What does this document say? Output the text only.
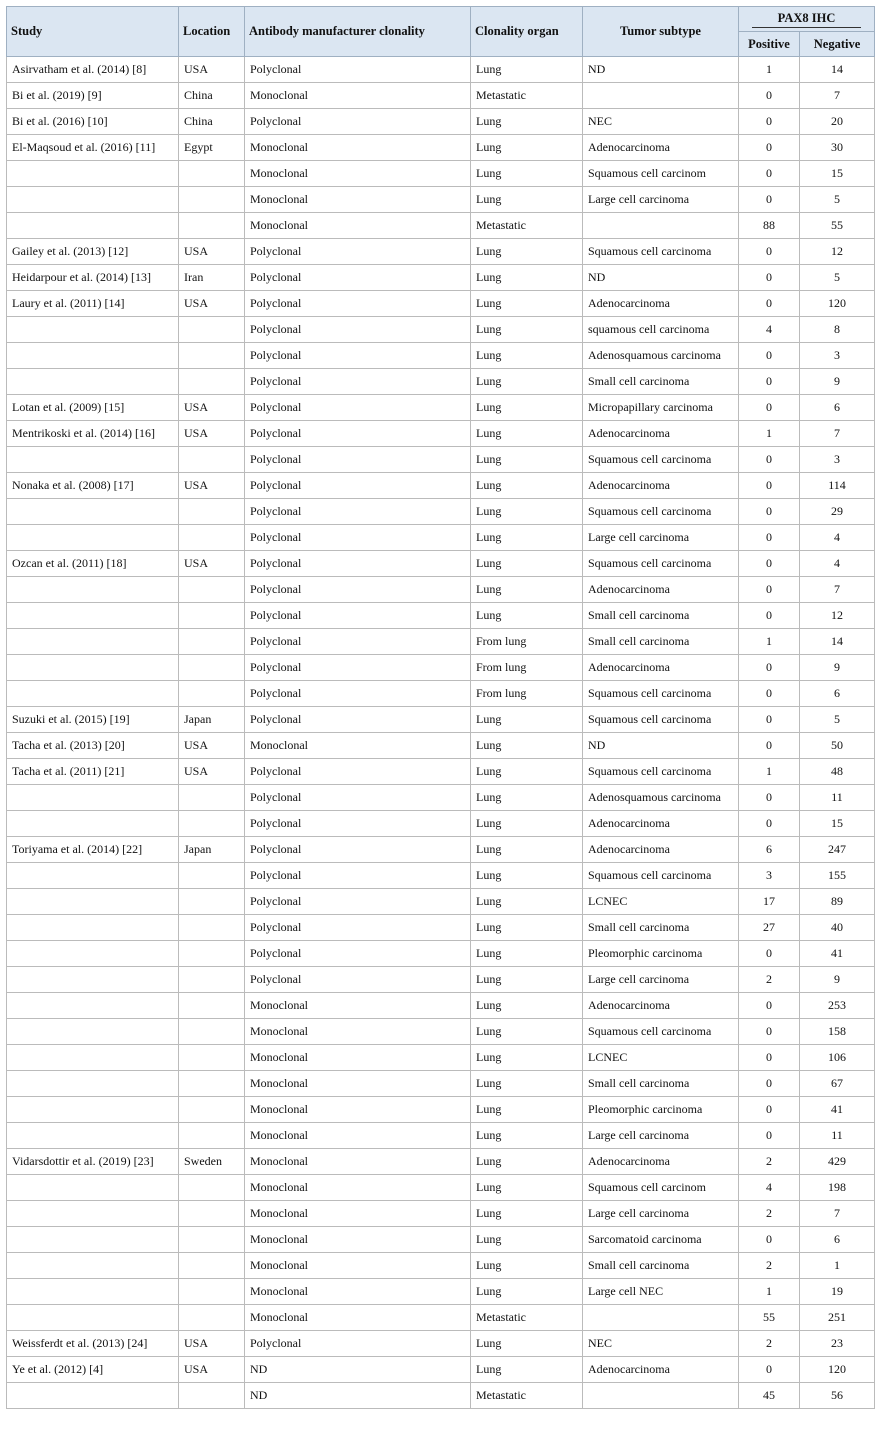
Study	Location	Antibody manufacturer clonality	Clonality organ	Tumor subtype	PAX8 IHC	
					Positive	Negative
Asirvatham et al. (2014) [8]	USA	Polyclonal	Lung	ND	1	14
Bi et al. (2019) [9]	China	Monoclonal	Metastatic		0	7
Bi et al. (2016) [10]	China	Polyclonal	Lung	NEC	0	20
El-Maqsoud et al. (2016) [11]	Egypt	Monoclonal	Lung	Adenocarcinoma	0	30
		Monoclonal	Lung	Squamous cell carcinom	0	15
		Monoclonal	Lung	Large cell carcinoma	0	5
		Monoclonal	Metastatic		88	55
Gailey et al. (2013) [12]	USA	Polyclonal	Lung	Squamous cell carcinoma	0	12
Heidarpour et al. (2014) [13]	Iran	Polyclonal	Lung	ND	0	5
Laury et al. (2011) [14]	USA	Polyclonal	Lung	Adenocarcinoma	0	120
		Polyclonal	Lung	squamous cell carcinoma	4	8
		Polyclonal	Lung	Adenosquamous carcinoma	0	3
		Polyclonal	Lung	Small cell carcinoma	0	9
Lotan et al. (2009) [15]	USA	Polyclonal	Lung	Micropapillary carcinoma	0	6
Mentrikoski et al. (2014) [16]	USA	Polyclonal	Lung	Adenocarcinoma	1	7
		Polyclonal	Lung	Squamous cell carcinoma	0	3
Nonaka et al. (2008) [17]	USA	Polyclonal	Lung	Adenocarcinoma	0	114
		Polyclonal	Lung	Squamous cell carcinoma	0	29
		Polyclonal	Lung	Large cell carcinoma	0	4
Ozcan et al. (2011) [18]	USA	Polyclonal	Lung	Squamous cell carcinoma	0	4
		Polyclonal	Lung	Adenocarcinoma	0	7
		Polyclonal	Lung	Small cell carcinoma	0	12
		Polyclonal	From lung	Small cell carcinoma	1	14
		Polyclonal	From lung	Adenocarcinoma	0	9
		Polyclonal	From lung	Squamous cell carcinoma	0	6
Suzuki et al. (2015) [19]	Japan	Polyclonal	Lung	Squamous cell carcinoma	0	5
Tacha et al. (2013) [20]	USA	Monoclonal	Lung	ND	0	50
Tacha et al. (2011) [21]	USA	Polyclonal	Lung	Squamous cell carcinoma	1	48
		Polyclonal	Lung	Adenosquamous carcinoma	0	11
		Polyclonal	Lung	Adenocarcinoma	0	15
Toriyama et al. (2014) [22]	Japan	Polyclonal	Lung	Adenocarcinoma	6	247
		Polyclonal	Lung	Squamous cell carcinoma	3	155
		Polyclonal	Lung	LCNEC	17	89
		Polyclonal	Lung	Small cell carcinoma	27	40
		Polyclonal	Lung	Pleomorphic carcinoma	0	41
		Polyclonal	Lung	Large cell carcinoma	2	9
		Monoclonal	Lung	Adenocarcinoma	0	253
		Monoclonal	Lung	Squamous cell carcinoma	0	158
		Monoclonal	Lung	LCNEC	0	106
		Monoclonal	Lung	Small cell carcinoma	0	67
		Monoclonal	Lung	Pleomorphic carcinoma	0	41
		Monoclonal	Lung	Large cell carcinoma	0	11
Vidarsdottir et al. (2019) [23]	Sweden	Monoclonal	Lung	Adenocarcinoma	2	429
		Monoclonal	Lung	Squamous cell carcinom	4	198
		Monoclonal	Lung	Large cell carcinoma	2	7
		Monoclonal	Lung	Sarcomatoid carcinoma	0	6
		Monoclonal	Lung	Small cell carcinoma	2	1
		Monoclonal	Lung	Large cell NEC	1	19
		Monoclonal	Metastatic		55	251
Weissferdt et al. (2013) [24]	USA	Polyclonal	Lung	NEC	2	23
Ye et al. (2012) [4]	USA	ND	Lung	Adenocarcinoma	0	120
		ND	Metastatic		45	56
